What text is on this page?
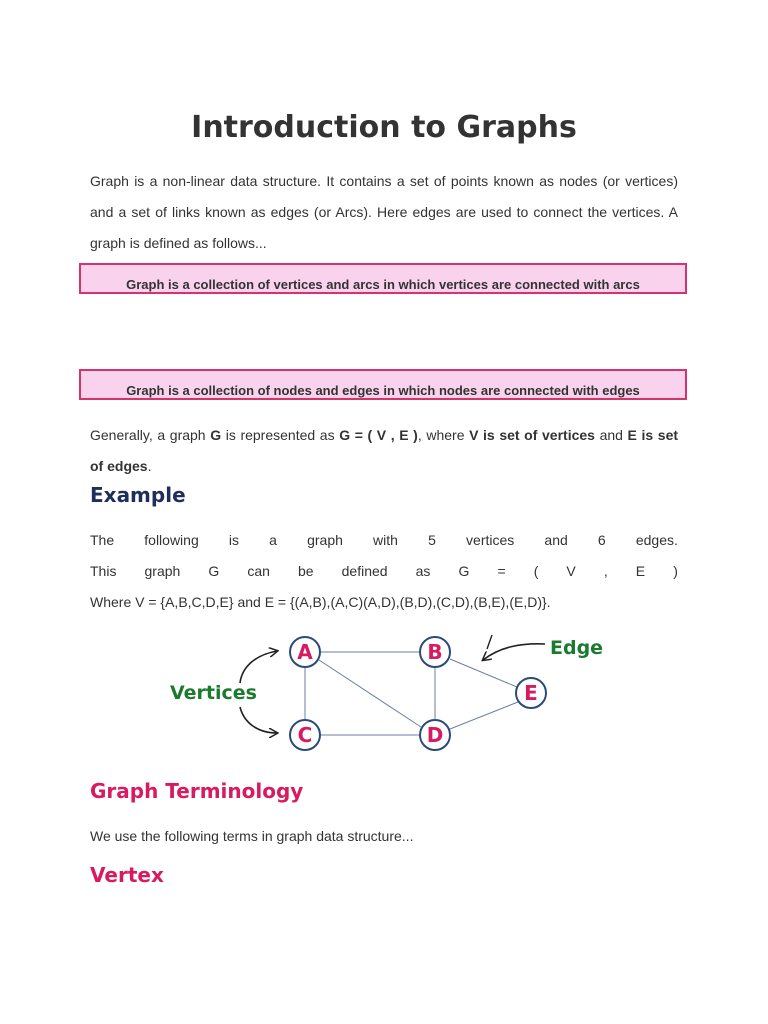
Introduction to Graphs
Graph is a non-linear data structure. It contains a set of points known as nodes (or vertices) and a set of links known as edges (or Arcs). Here edges are used to connect the vertices. A graph is defined as follows...
Graph is a collection of vertices and arcs in which vertices are connected with arcs
Graph is a collection of nodes and edges in which nodes are connected with edges
Generally, a graph G is represented as G = ( V , E ), where V is set of vertices and E is set of edges.
Example
The following is a graph with 5 vertices and 6 edges.
This graph G can be defined as G = ( V , E )
Where V = {A,B,C,D,E} and E = {(A,B),(A,C)(A,D),(B,D),(C,D),(B,E),(E,D)}.
A	B
C	D
E
Vertices
Edge
Graph Terminology
We use the following terms in graph data structure...
Vertex
